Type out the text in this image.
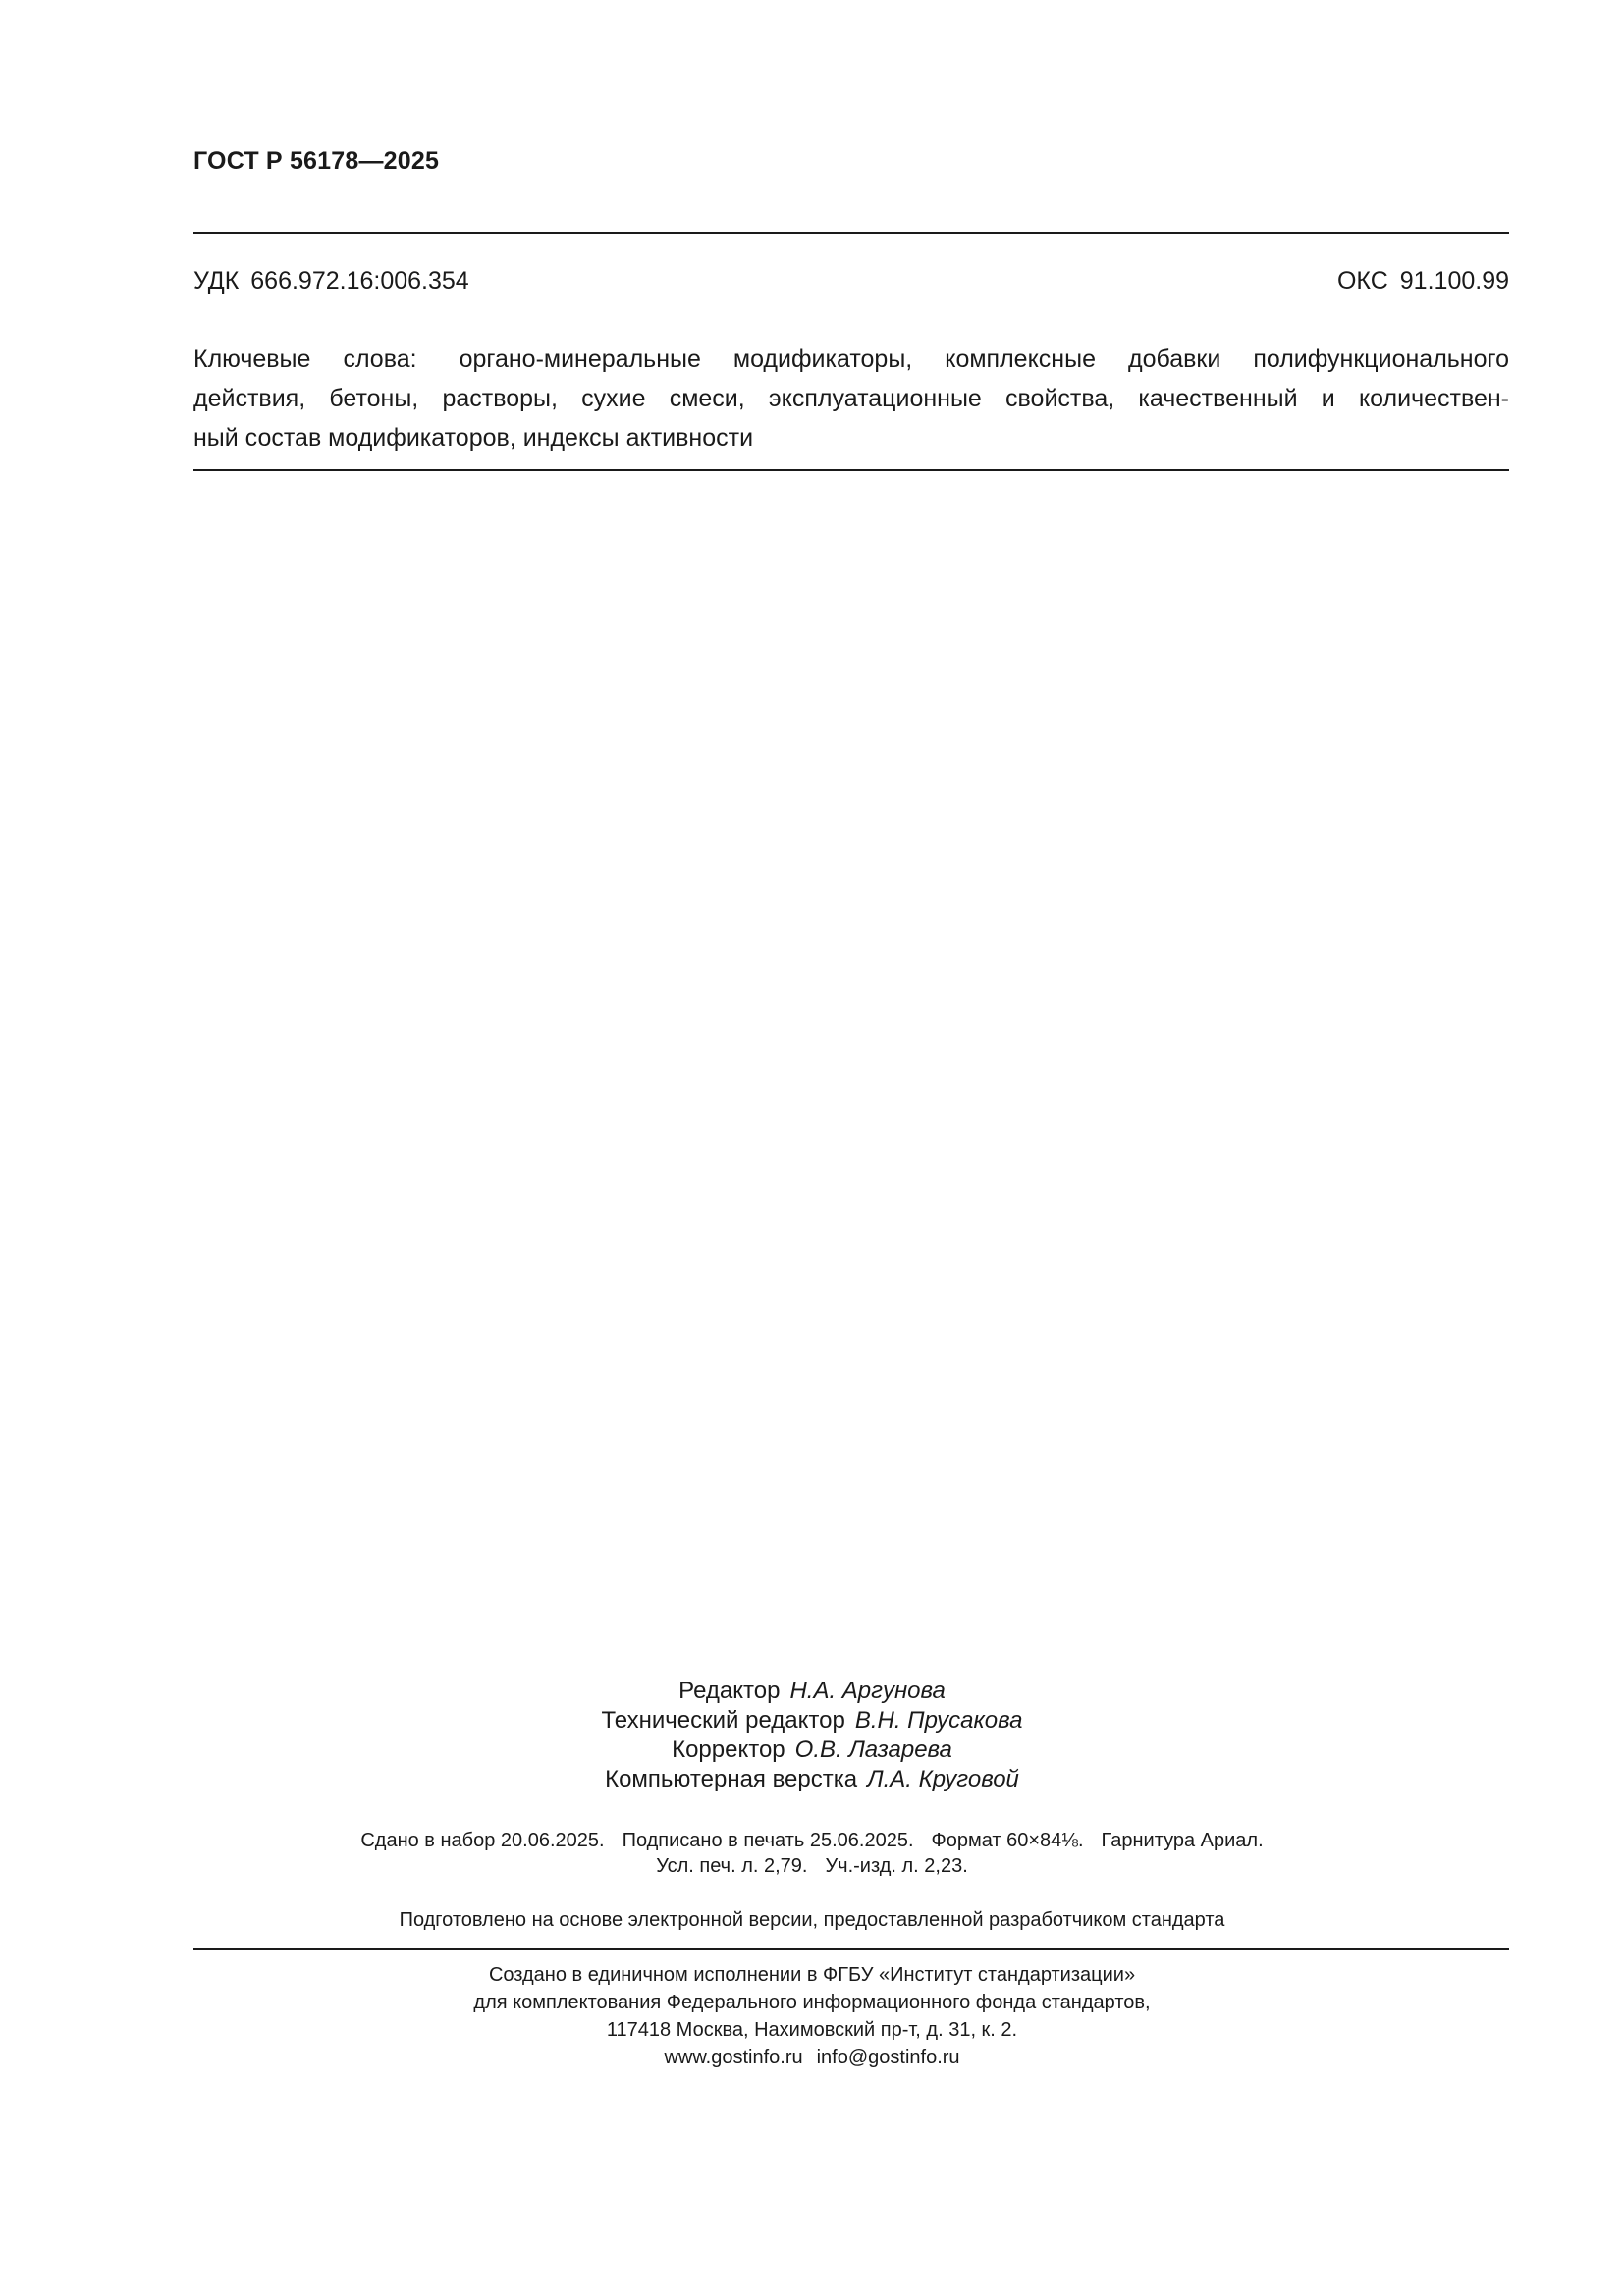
ГОСТ Р 56178—2025
УДК 666.972.16:006.354	ОКС 91.100.99
Ключевые слова: органо-минеральные модификаторы, комплексные добавки полифункционального
действия, бетоны, растворы, сухие смеси, эксплуатационные свойства, качественный и количествен-
ный состав модификаторов, индексы активности
Редактор Н.А. Аргунова
Технический редактор В.Н. Прусакова
Корректор О.В. Лазарева
Компьютерная верстка Л.А. Круговой
Сдано в набор 20.06.2025. Подписано в печать 25.06.2025. Формат 60×84⅛. Гарнитура Ариал.
Усл. печ. л. 2,79. Уч.-изд. л. 2,23.
Подготовлено на основе электронной версии, предоставленной разработчиком стандарта
Создано в единичном исполнении в ФГБУ «Институт стандартизации»
для комплектования Федерального информационного фонда стандартов,
117418 Москва, Нахимовский пр-т, д. 31, к. 2.
www.gostinfo.ru info@gostinfo.ru
